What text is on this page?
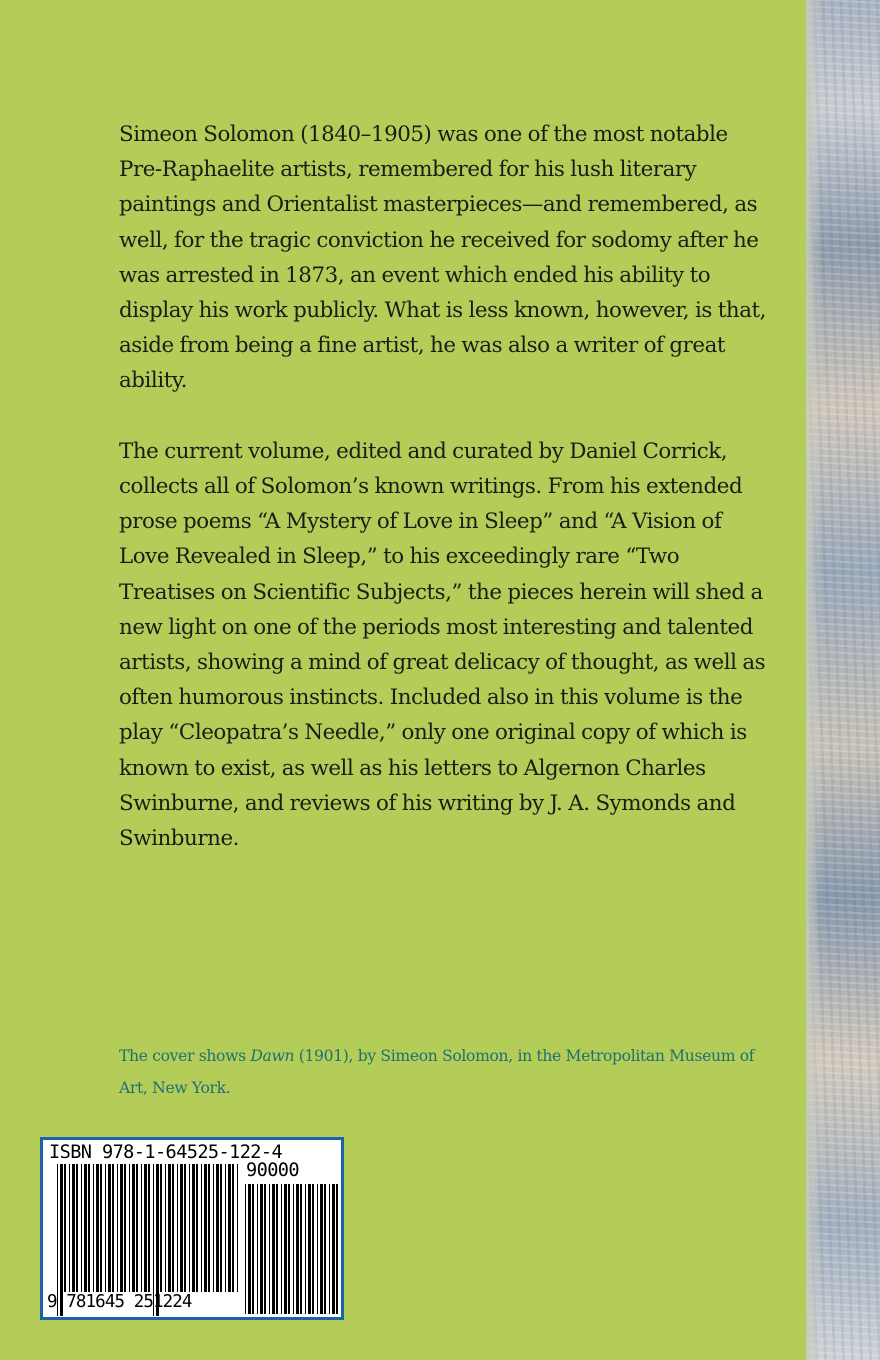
Simeon Solomon (1840–1905) was one of the most notable Pre-Raphaelite artists, remembered for his lush literary paintings and Orientalist masterpieces—and remembered, as well, for the tragic conviction he received for sodomy after he was arrested in 1873, an event which ended his ability to display his work publicly. What is less known, however, is that, aside from being a fine artist, he was also a writer of great ability.

The current volume, edited and curated by Daniel Corrick, collects all of Solomon’s known writings. From his extended prose poems “A Mystery of Love in Sleep” and “A Vision of Love Revealed in Sleep,” to his exceedingly rare “Two Treatises on Scientific Subjects,” the pieces herein will shed a new light on one of the periods most interesting and talented artists, showing a mind of great delicacy of thought, as well as often humorous instincts. Included also in this volume is the play “Cleopatra’s Needle,” only one original copy of which is known to exist, as well as his letters to Algernon Charles Swinburne, and reviews of his writing by J. A. Symonds and Swinburne.

The cover shows Dawn (1901), by Simeon Solomon, in the Metropolitan Museum of Art, New York.
ISBN 978-1-64525-122-4
90000
9 781645 251224
